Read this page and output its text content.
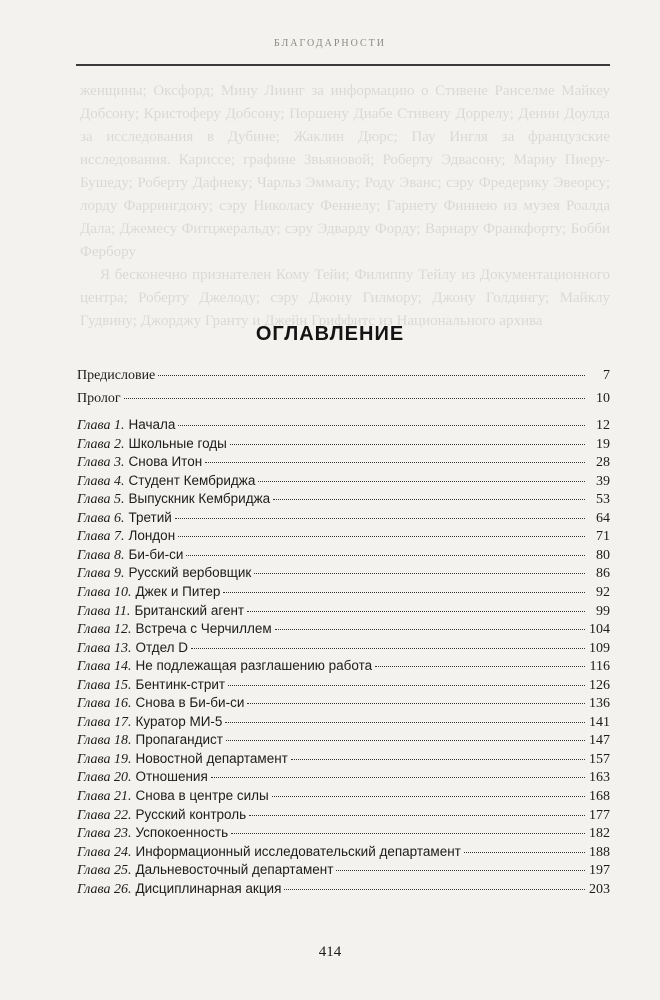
БЛАГОДАРНОСТИ

женщины; Оксфорд; Мину Лиинг за информацию о Стивене Ранселме Майкеу Добсону; Кристоферу Добсону; Поршену Диабе Стивену Доррелу; Дении Доулда за исследования в Дубине; Жаклин Дюрс; Пау Ингля за французские исследования. Кариссе; графине Звьяновой; Роберту Эдвасону; Мариу Пиеру-Бушеду; Роберту Дафнеку; Чарльз Эммалу; Роду Эванс; сэру Фредерику Эвеорсу; лорду Фаррингдону; сэру Николасу Феннелу; Гарнету Финнею из музея Роалда Дала; Джемесу Фитцжеральду; сэру Эдварду Форду; Варнару Франкфорту; Бобби Фербору

Я бесконечно признателен Кому Тейи; Филиппу Тейлу из Документационного центра; Роберту Джелоду; сэру Джону Гилмору; Джону Голдингу; Майклу Гудвину; Джорджу Гранту и Джейн Гриффитс из Национального архива

ОГЛАВЛЕНИЕ
Предисловие	7
Пролог	10
Глава 1. Начала	12
Глава 2. Школьные годы	19
Глава 3. Снова Итон	28
Глава 4. Студент Кембриджа	39
Глава 5. Выпускник Кембриджа	53
Глава 6. Третий	64
Глава 7. Лондон	71
Глава 8. Би-би-си	80
Глава 9. Русский вербовщик	86
Глава 10. Джек и Питер	92
Глава 11. Британский агент	99
Глава 12. Встреча с Черчиллем	104
Глава 13. Отдел D	109
Глава 14. Не подлежащая разглашению работа	116
Глава 15. Бентинк-стрит	126
Глава 16. Снова в Би-би-си	136
Глава 17. Куратор МИ-5	141
Глава 18. Пропагандист	147
Глава 19. Новостной департамент	157
Глава 20. Отношения	163
Глава 21. Снова в центре силы	168
Глава 22. Русский контроль	177
Глава 23. Успокоенность	182
Глава 24. Информационный исследовательский департамент	188
Глава 25. Дальневосточный департамент	197
Глава 26. Дисциплинарная акция	203
414
